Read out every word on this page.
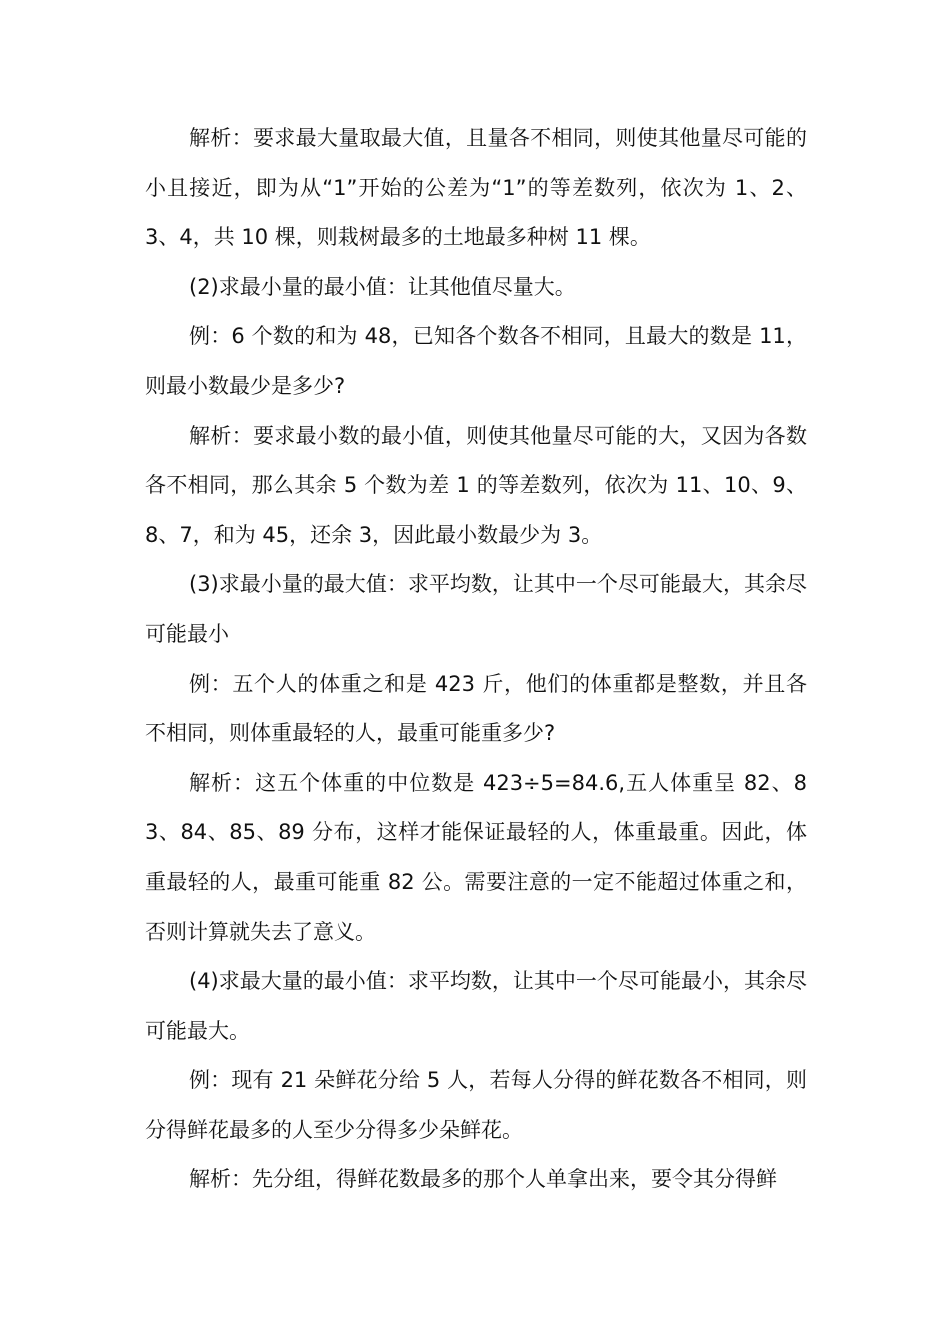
解析：要求最大量取最大值，且量各不相同，则使其他量尽可能的小且接近，即为从“1”开始的公差为“1”的等差数列，依次为 1、2、3、4，共 10 棵，则栽树最多的土地最多种树 11 棵。

(2)求最小量的最小值：让其他值尽量大。

例：6 个数的和为 48，已知各个数各不相同，且最大的数是 11，则最小数最少是多少?

解析：要求最小数的最小值，则使其他量尽可能的大，又因为各数各不相同，那么其余 5 个数为差 1 的等差数列，依次为 11、10、9、8、7，和为 45，还余 3，因此最小数最少为 3。

(3)求最小量的最大值：求平均数，让其中一个尽可能最大，其余尽可能最小

例：五个人的体重之和是 423 斤，他们的体重都是整数，并且各不相同，则体重最轻的人，最重可能重多少?

解析：这五个体重的中位数是 423÷5=84.6,五人体重呈 82、83、84、85、89 分布，这样才能保证最轻的人，体重最重。因此，体重最轻的人，最重可能重 82 公。需要注意的一定不能超过体重之和，否则计算就失去了意义。

(4)求最大量的最小值：求平均数，让其中一个尽可能最小，其余尽可能最大。

例：现有 21 朵鲜花分给 5 人，若每人分得的鲜花数各不相同，则分得鲜花最多的人至少分得多少朵鲜花。

解析：先分组，得鲜花数最多的那个人单拿出来，要令其分得鲜
